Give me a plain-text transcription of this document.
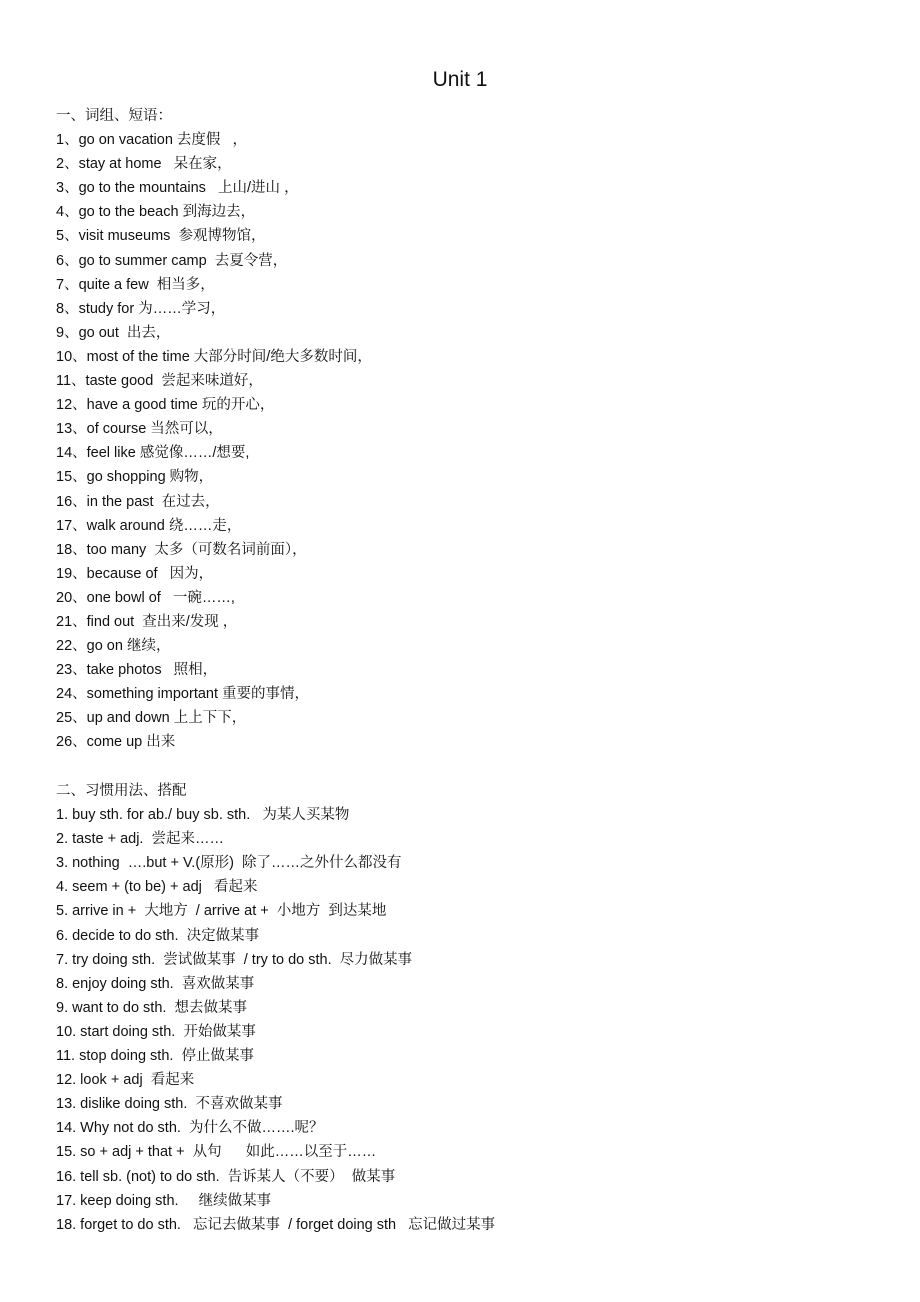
Unit 1
一、词组、短语：
1、go on vacation 去度假   ，
2、stay at home   呆在家，
3、go to the mountains   上山/进山 ，
4、go to the beach 到海边去，
5、visit museums  参观博物馆，
6、go to summer camp  去夏令营，
7、quite a few  相当多，
8、study for 为……学习，
9、go out  出去，
10、most of the time 大部分时间/绝大多数时间，
11、taste good  尝起来味道好，
12、have a good time 玩的开心，
13、of course 当然可以，
14、feel like 感觉像……/想要,
15、go shopping 购物，
16、in the past  在过去，
17、walk around 绕……走，
18、too many  太多（可数名词前面），
19、because of   因为，
20、one bowl of   一碗……,
21、find out  查出来/发现 ，
22、go on 继续，
23、take photos   照相，
24、something important 重要的事情，
25、up and down 上上下下，
26、come up 出来
二、习惯用法、搭配
1. buy sth. for ab./ buy sb. sth.   为某人买某物
2. taste + adj.  尝起来……
3. nothing  ….but + V.(原形)  除了……之外什么都没有
4. seem + (to be) + adj   看起来
5. arrive in +  大地方  / arrive at +  小地方  到达某地
6. decide to do sth.  决定做某事
7. try doing sth.  尝试做某事  / try to do sth.  尽力做某事
8. enjoy doing sth.  喜欢做某事
9. want to do sth.  想去做某事
10. start doing sth.  开始做某事
11. stop doing sth.  停止做某事
12. look + adj  看起来
13. dislike doing sth.  不喜欢做某事
14. Why not do sth.  为什么不做…….呢？
15. so + adj + that +  从句      如此……以至于……
16. tell sb. (not) to do sth.  告诉某人（不要）  做某事
17. keep doing sth.     继续做某事
18. forget to do sth.   忘记去做某事  / forget doing sth   忘记做过某事
